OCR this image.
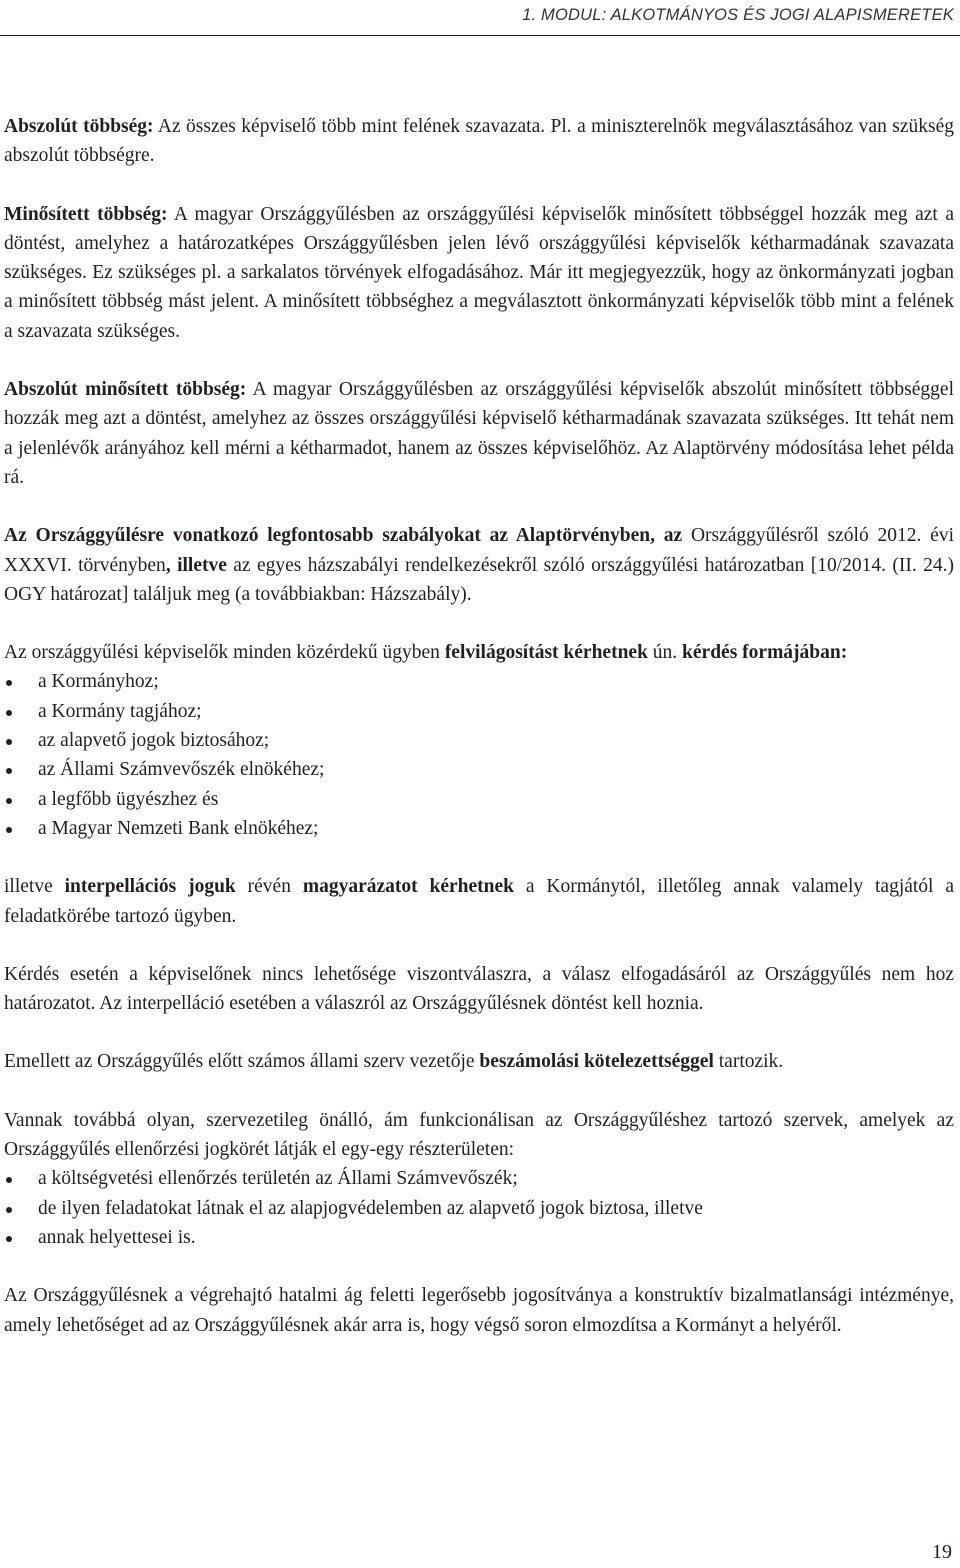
1. MODUL: ALKOTMÁNYOS ÉS JOGI ALAPISMERETEK

Abszolút többség: Az összes képviselő több mint felének szavazata. Pl. a miniszterelnök megválasztásához van szükség abszolút többségre.

Minősített többség: A magyar Országgyűlésben az országgyűlési képviselők minősített többséggel hozzák meg azt a döntést, amelyhez a határozatképes Országgyűlésben jelen lévő országgyűlési képviselők kétharmadának szavazata szükséges. Ez szükséges pl. a sarkalatos törvények elfogadásához. Már itt megjegyezzük, hogy az önkormányzati jogban a minősített többség mást jelent. A minősített többséghez a megválasztott önkormányzati képviselők több mint a felének a szavazata szükséges.

Abszolút minősített többség: A magyar Országgyűlésben az országgyűlési képviselők abszolút minősített többséggel hozzák meg azt a döntést, amelyhez az összes országgyűlési képviselő kétharmadának szavazata szükséges. Itt tehát nem a jelenlévők arányához kell mérni a kétharmadot, hanem az összes képviselőhöz. Az Alaptörvény módosítása lehet példa rá.

Az Országgyűlésre vonatkozó legfontosabb szabályokat az Alaptörvényben, az Országgyűlésről szóló 2012. évi XXXVI. törvényben, illetve az egyes házszabályi rendelkezésekről szóló országgyűlési határozatban [10/2014. (II. 24.) OGY határozat] találjuk meg (a továbbiakban: Házszabály).

Az országgyűlési képviselők minden közérdekű ügyben felvilágosítást kérhetnek ún. kérdés formájában:

a Kormányhoz;
a Kormány tagjához;
az alapvető jogok biztosához;
az Állami Számvevőszék elnökéhez;
a legfőbb ügyészhez és
a Magyar Nemzeti Bank elnökéhez;

illetve interpellációs joguk révén magyarázatot kérhetnek a Kormánytól, illetőleg annak valamely tagjától a feladatkörébe tartozó ügyben.

Kérdés esetén a képviselőnek nincs lehetősége viszontválaszra, a válasz elfogadásáról az Országgyűlés nem hoz határozatot. Az interpelláció esetében a válaszról az Országgyűlésnek döntést kell hoznia.

Emellett az Országgyűlés előtt számos állami szerv vezetője beszámolási kötelezettséggel tartozik.

Vannak továbbá olyan, szervezetileg önálló, ám funkcionálisan az Országgyűléshez tartozó szervek, amelyek az Országgyűlés ellenőrzési jogkörét látják el egy-egy részterületen:

a költségvetési ellenőrzés területén az Állami Számvevőszék;
de ilyen feladatokat látnak el az alapjogvédelemben az alapvető jogok biztosa, illetve
annak helyettesei is.

Az Országgyűlésnek a végrehajtó hatalmi ág feletti legerősebb jogosítványa a konstruktív bizalmatlansági intézménye, amely lehetőséget ad az Országgyűlésnek akár arra is, hogy végső soron elmozdítsa a Kormányt a helyéről.

19
